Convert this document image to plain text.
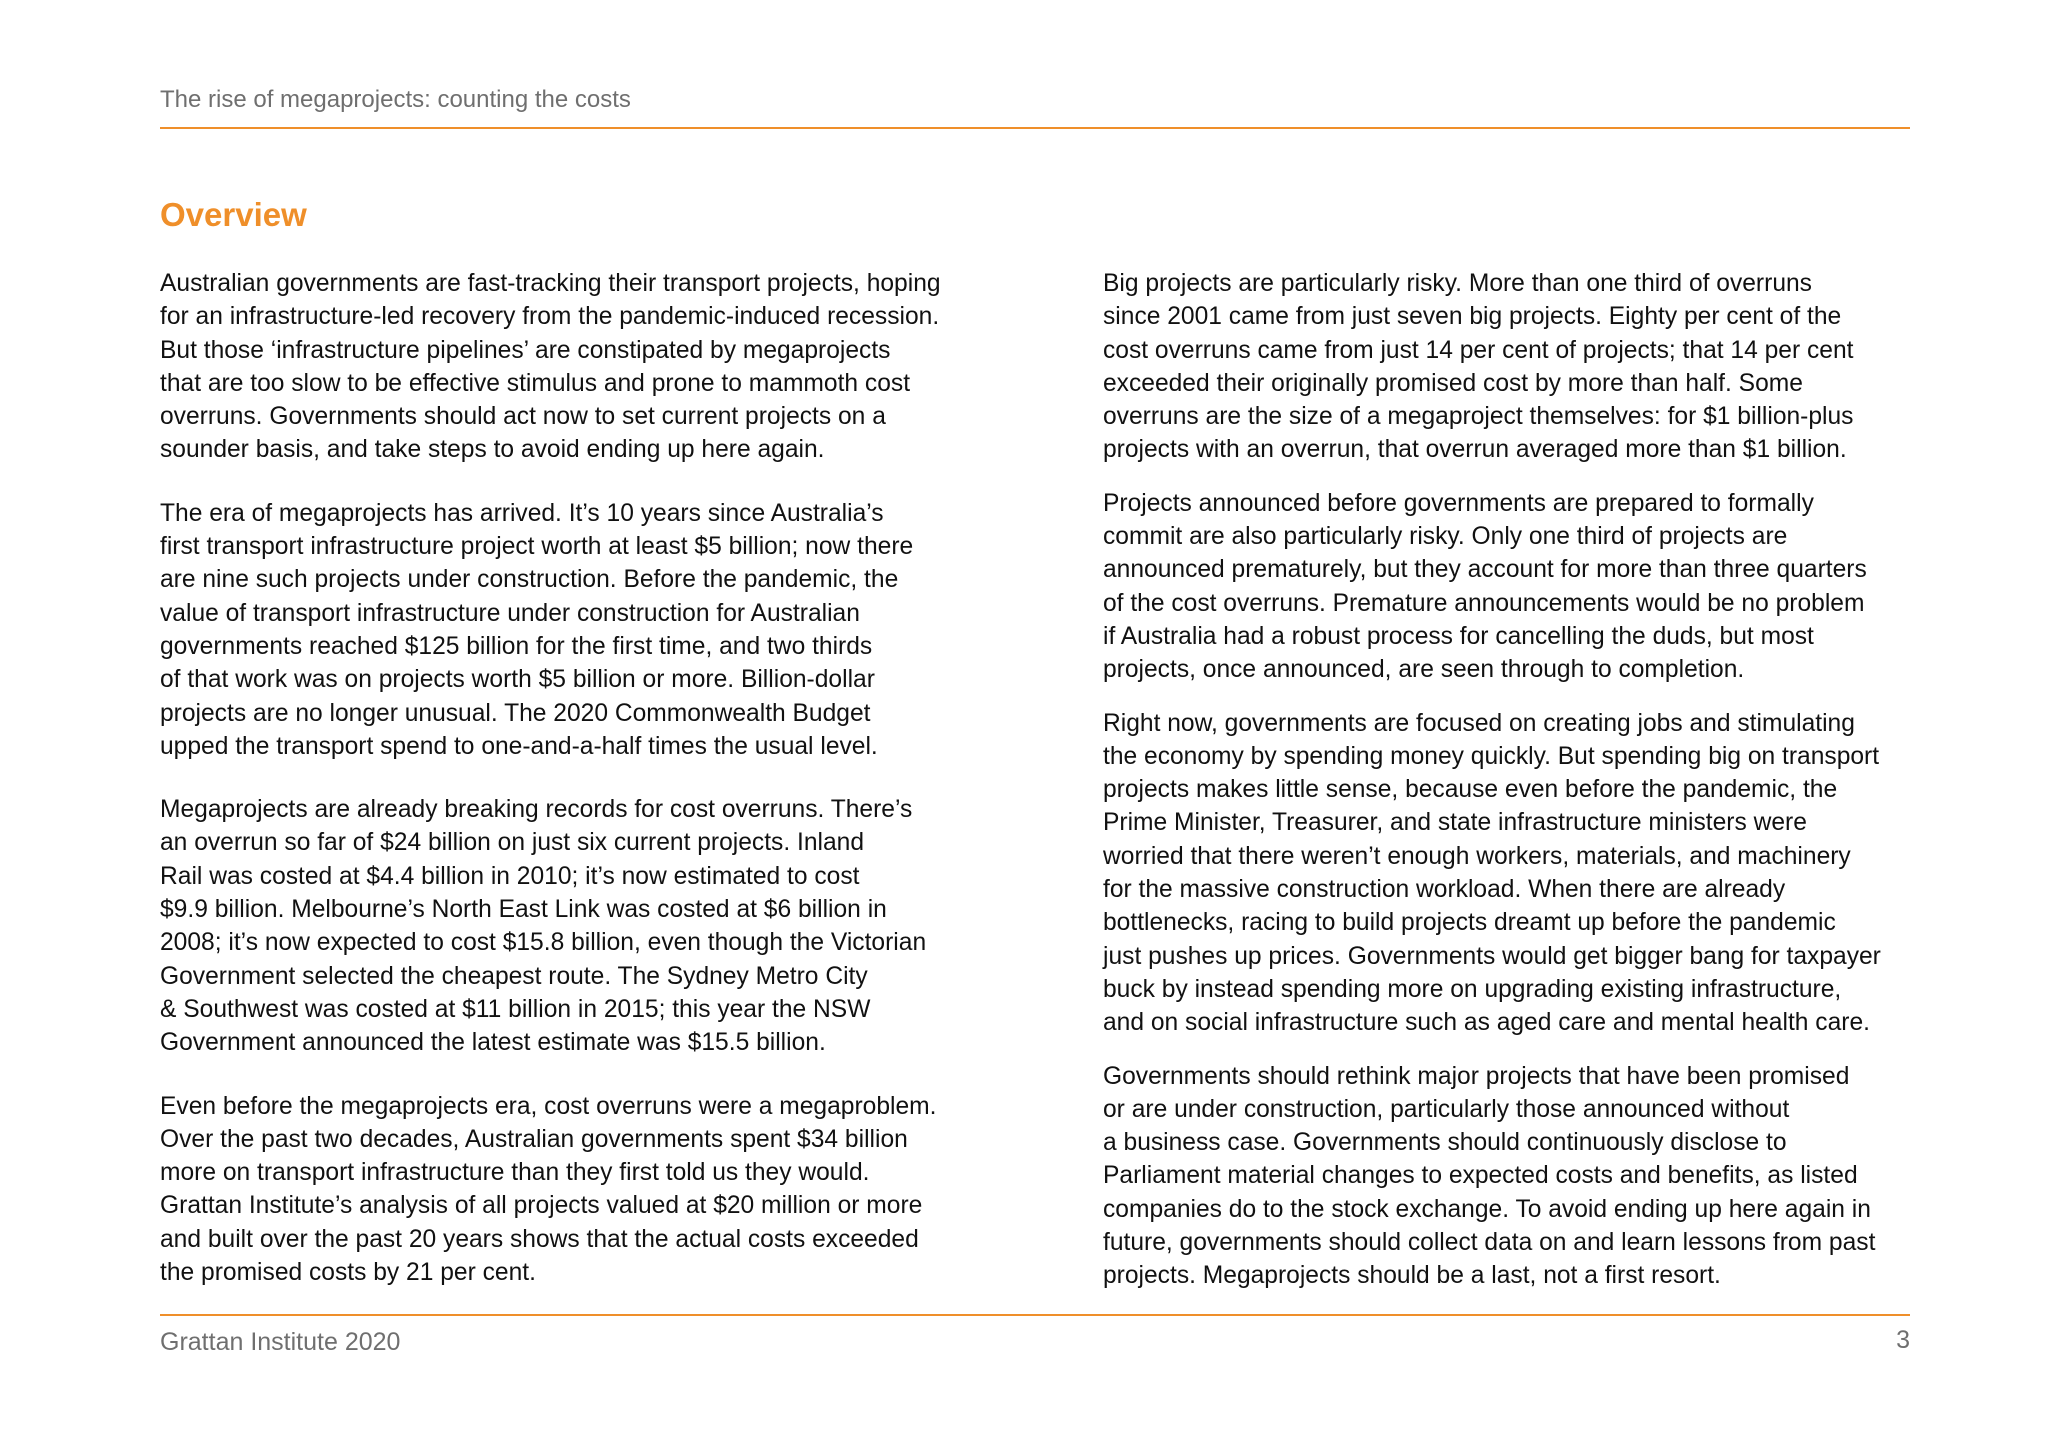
The rise of megaprojects: counting the costs
Overview

Australian governments are fast-tracking their transport projects, hoping
for an infrastructure-led recovery from the pandemic-induced recession.
But those ‘infrastructure pipelines’ are constipated by megaprojects
that are too slow to be effective stimulus and prone to mammoth cost
overruns. Governments should act now to set current projects on a
sounder basis, and take steps to avoid ending up here again.

The era of megaprojects has arrived. It’s 10 years since Australia’s
first transport infrastructure project worth at least $5 billion; now there
are nine such projects under construction. Before the pandemic, the
value of transport infrastructure under construction for Australian
governments reached $125 billion for the first time, and two thirds
of that work was on projects worth $5 billion or more. Billion-dollar
projects are no longer unusual. The 2020 Commonwealth Budget
upped the transport spend to one-and-a-half times the usual level.

Megaprojects are already breaking records for cost overruns. There’s
an overrun so far of $24 billion on just six current projects. Inland
Rail was costed at $4.4 billion in 2010; it’s now estimated to cost
$9.9 billion. Melbourne’s North East Link was costed at $6 billion in
2008; it’s now expected to cost $15.8 billion, even though the Victorian
Government selected the cheapest route. The Sydney Metro City
& Southwest was costed at $11 billion in 2015; this year the NSW
Government announced the latest estimate was $15.5 billion.

Even before the megaprojects era, cost overruns were a megaproblem.
Over the past two decades, Australian governments spent $34 billion
more on transport infrastructure than they first told us they would.
Grattan Institute’s analysis of all projects valued at $20 million or more
and built over the past 20 years shows that the actual costs exceeded
the promised costs by 21 per cent.

Big projects are particularly risky. More than one third of overruns
since 2001 came from just seven big projects. Eighty per cent of the
cost overruns came from just 14 per cent of projects; that 14 per cent
exceeded their originally promised cost by more than half. Some
overruns are the size of a megaproject themselves: for $1 billion-plus
projects with an overrun, that overrun averaged more than $1 billion.

Projects announced before governments are prepared to formally
commit are also particularly risky. Only one third of projects are
announced prematurely, but they account for more than three quarters
of the cost overruns. Premature announcements would be no problem
if Australia had a robust process for cancelling the duds, but most
projects, once announced, are seen through to completion.

Right now, governments are focused on creating jobs and stimulating
the economy by spending money quickly. But spending big on transport
projects makes little sense, because even before the pandemic, the
Prime Minister, Treasurer, and state infrastructure ministers were
worried that there weren’t enough workers, materials, and machinery
for the massive construction workload. When there are already
bottlenecks, racing to build projects dreamt up before the pandemic
just pushes up prices. Governments would get bigger bang for taxpayer
buck by instead spending more on upgrading existing infrastructure,
and on social infrastructure such as aged care and mental health care.

Governments should rethink major projects that have been promised
or are under construction, particularly those announced without
a business case. Governments should continuously disclose to
Parliament material changes to expected costs and benefits, as listed
companies do to the stock exchange. To avoid ending up here again in
future, governments should collect data on and learn lessons from past
projects. Megaprojects should be a last, not a first resort.

Grattan Institute 2020	3
